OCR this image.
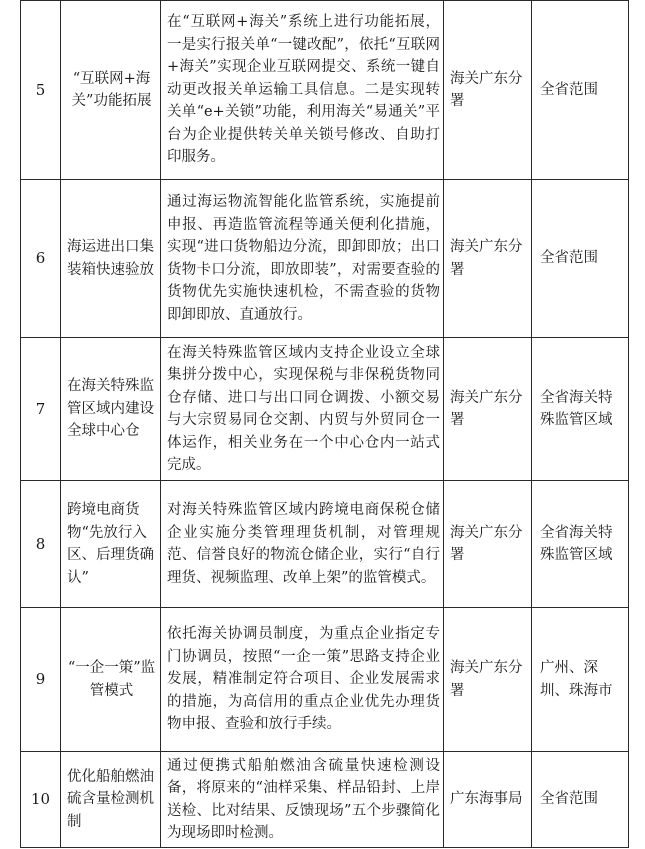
5	“互联网+海关”功能拓展	在“互联网+海关”系统上进行功能拓展，一是实行报关单“一键改配”，依托“互联网+海关”实现企业互联网提交、系统一键自动更改报关单运输工具信息。二是实现转关单“e+关锁”功能，利用海关“易通关”平台为企业提供转关单关锁号修改、自助打印服务。	海关广东分署	全省范围
6	海运进出口集装箱快速验放	通过海运物流智能化监管系统，实施提前申报、再造监管流程等通关便利化措施，实现“进口货物船边分流，即卸即放；出口货物卡口分流，即放即装”，对需要查验的货物优先实施快速机检，不需查验的货物即卸即放、直通放行。	海关广东分署	全省范围
7	在海关特殊监管区域内建设全球中心仓	在海关特殊监管区域内支持企业设立全球集拼分拨中心，实现保税与非保税货物同仓存储、进口与出口同仓调拨、小额交易与大宗贸易同仓交割、内贸与外贸同仓一体运作，相关业务在一个中心仓内一站式完成。	海关广东分署	全省海关特殊监管区域
8	跨境电商货物“先放行入区、后理货确认”	对海关特殊监管区域内跨境电商保税仓储企业实施分类管理理货机制，对管理规范、信誉良好的物流仓储企业，实行“自行理货、视频监理、改单上架”的监管模式。	海关广东分署	全省海关特殊监管区域
9	“一企一策”监管模式	依托海关协调员制度，为重点企业指定专门协调员，按照“一企一策”思路支持企业发展，精准制定符合项目、企业发展需求的措施，为高信用的重点企业优先办理货物申报、查验和放行手续。	海关广东分署	广州、深圳、珠海市
10	优化船舶燃油硫含量检测机制	通过便携式船舶燃油含硫量快速检测设备，将原来的“油样采集、样品铅封、上岸送检、比对结果、反馈现场”五个步骤简化为现场即时检测。	广东海事局	全省范围
